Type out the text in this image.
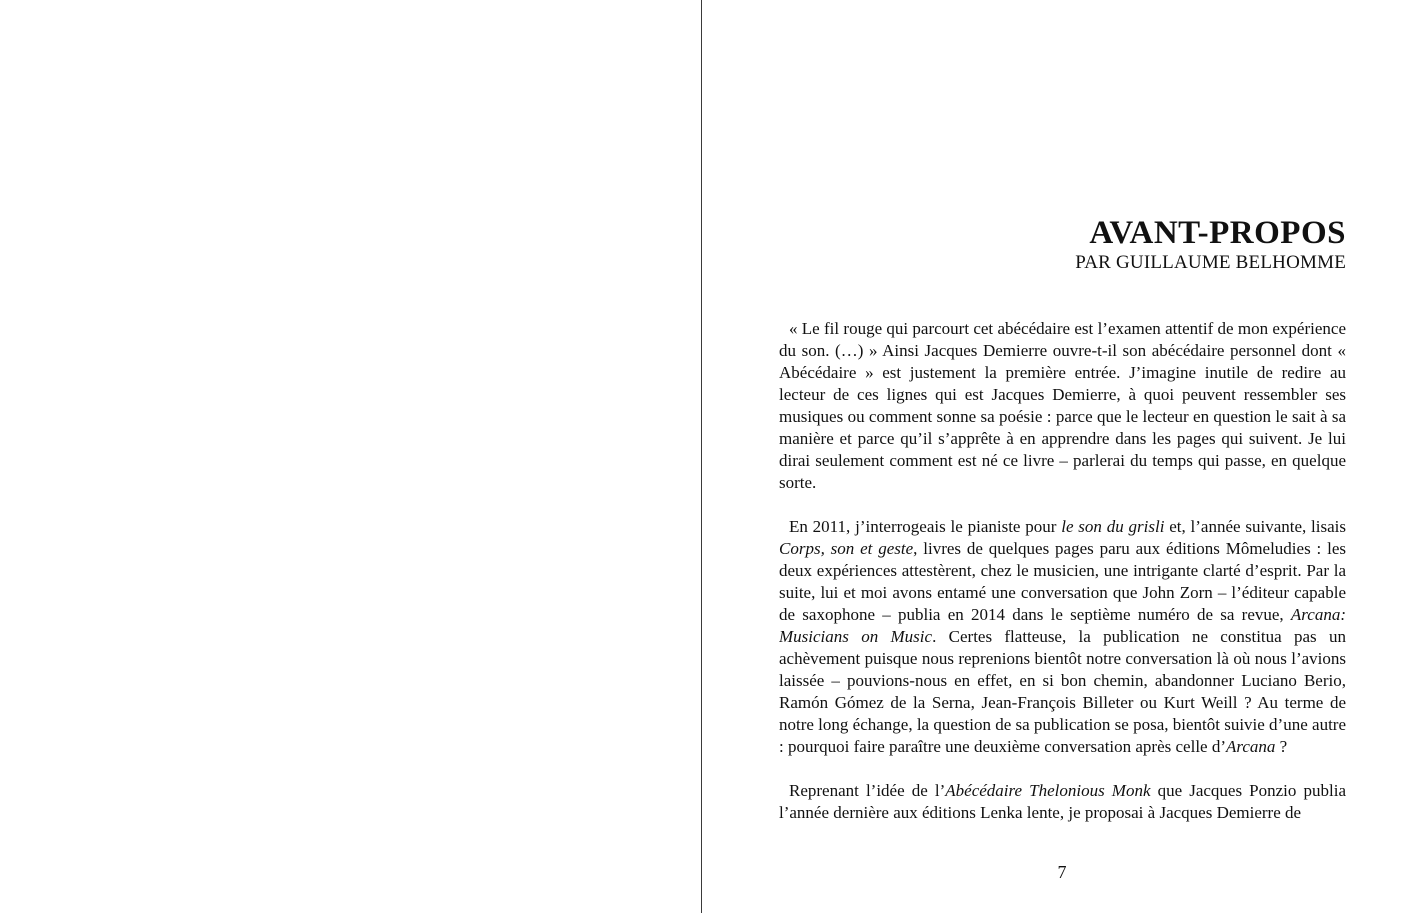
AVANT-PROPOS
PAR GUILLAUME BELHOMME

« Le fil rouge qui parcourt cet abécédaire est l’examen attentif de mon expérience du son. (…) » Ainsi Jacques Demierre ouvre-t-il son abécédaire personnel dont « Abécédaire » est justement la première entrée. J’imagine inutile de redire au lecteur de ces lignes qui est Jacques Demierre, à quoi peuvent ressembler ses musiques ou comment sonne sa poésie : parce que le lecteur en question le sait à sa manière et parce qu’il s’apprête à en apprendre dans les pages qui suivent. Je lui dirai seulement comment est né ce livre – parlerai du temps qui passe, en quelque sorte.

En 2011, j’interrogeais le pianiste pour le son du grisli et, l’année suivante, lisais Corps, son et geste, livres de quelques pages paru aux éditions Mômeludies : les deux expériences attestèrent, chez le musicien, une intrigante clarté d’esprit. Par la suite, lui et moi avons entamé une conversation que John Zorn – l’éditeur capable de saxophone – publia en 2014 dans le septième numéro de sa revue, Arcana: Musicians on Music. Certes flatteuse, la publication ne constitua pas un achèvement puisque nous reprenions bientôt notre conversation là où nous l’avions laissée – pouvions-nous en effet, en si bon chemin, abandonner Luciano Berio, Ramón Gómez de la Serna, Jean-François Billeter ou Kurt Weill ? Au terme de notre long échange, la question de sa publication se posa, bientôt suivie d’une autre : pourquoi faire paraître une deuxième conversation après celle d’Arcana ?

Reprenant l’idée de l’Abécédaire Thelonious Monk que Jacques Ponzio publia l’année dernière aux éditions Lenka lente, je proposai à Jacques Demierre de

7
